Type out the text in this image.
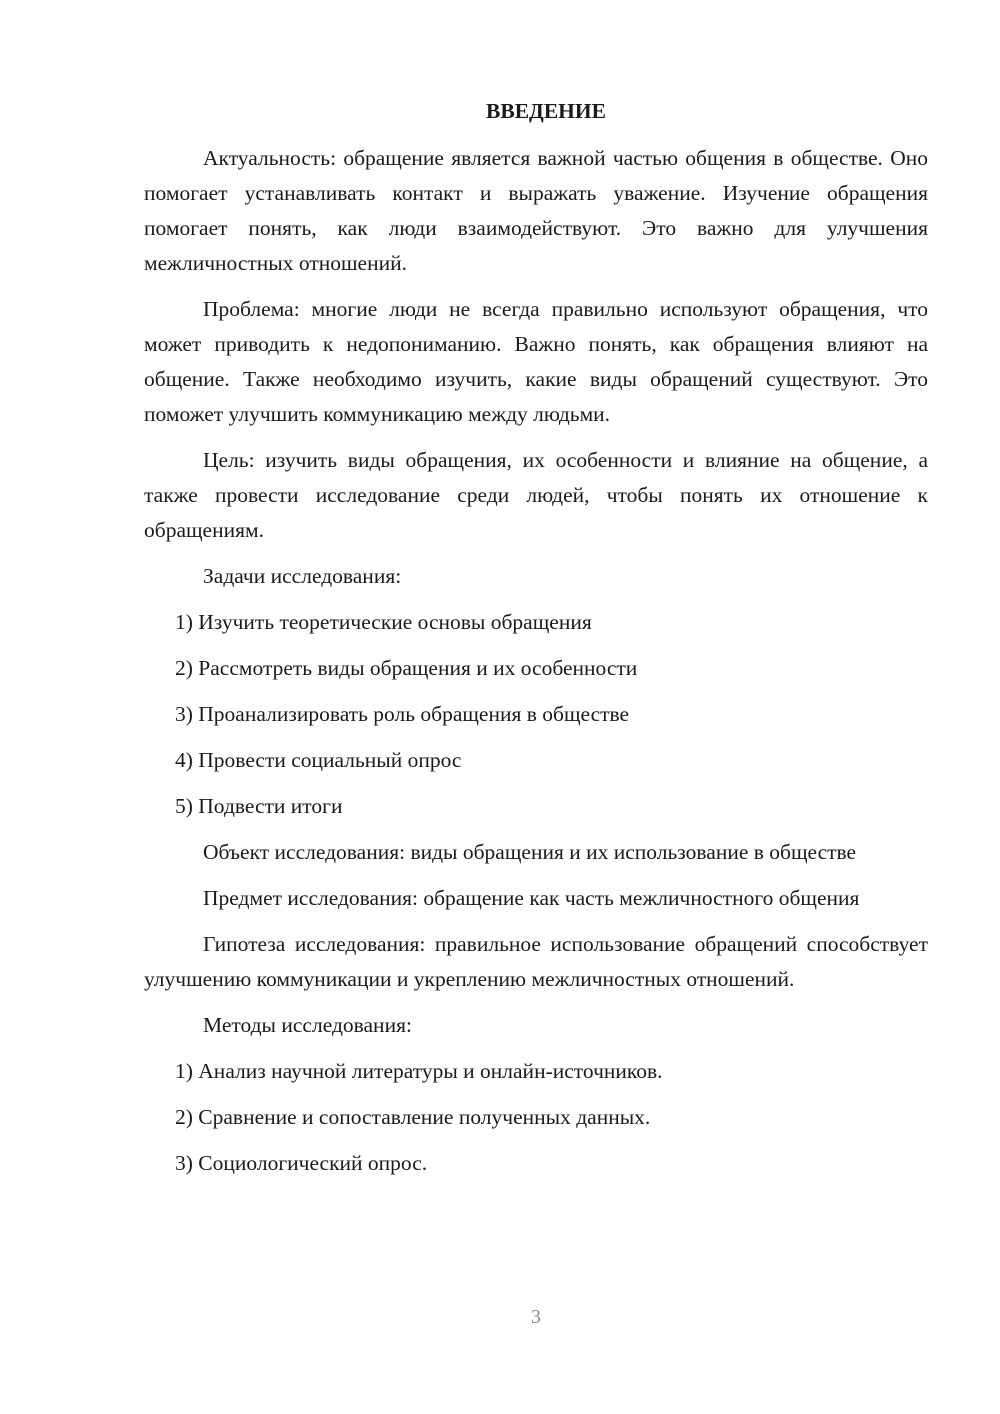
ВВЕДЕНИЕ

Актуальность: обращение является важной частью общения в обществе. Оно помогает устанавливать контакт и выражать уважение. Изучение обращения помогает понять, как люди взаимодействуют. Это важно для улучшения межличностных отношений.

Проблема: многие люди не всегда правильно используют обращения, что может приводить к недопониманию. Важно понять, как обращения влияют на общение. Также необходимо изучить, какие виды обращений существуют. Это поможет улучшить коммуникацию между людьми.

Цель: изучить виды обращения, их особенности и влияние на общение, а также провести исследование среди людей, чтобы понять их отношение к обращениям.

Задачи исследования:

1) Изучить теоретические основы обращения

2) Рассмотреть виды обращения и их особенности

3) Проанализировать роль обращения в обществе

4) Провести социальный опрос

5) Подвести итоги

Объект исследования: виды обращения и их использование в обществе

Предмет исследования: обращение как часть межличностного общения

Гипотеза исследования: правильное использование обращений способствует улучшению коммуникации и укреплению межличностных отношений.

Методы исследования:

1) Анализ научной литературы и онлайн-источников.

2) Сравнение и сопоставление полученных данных.

3) Социологический опрос.

3
